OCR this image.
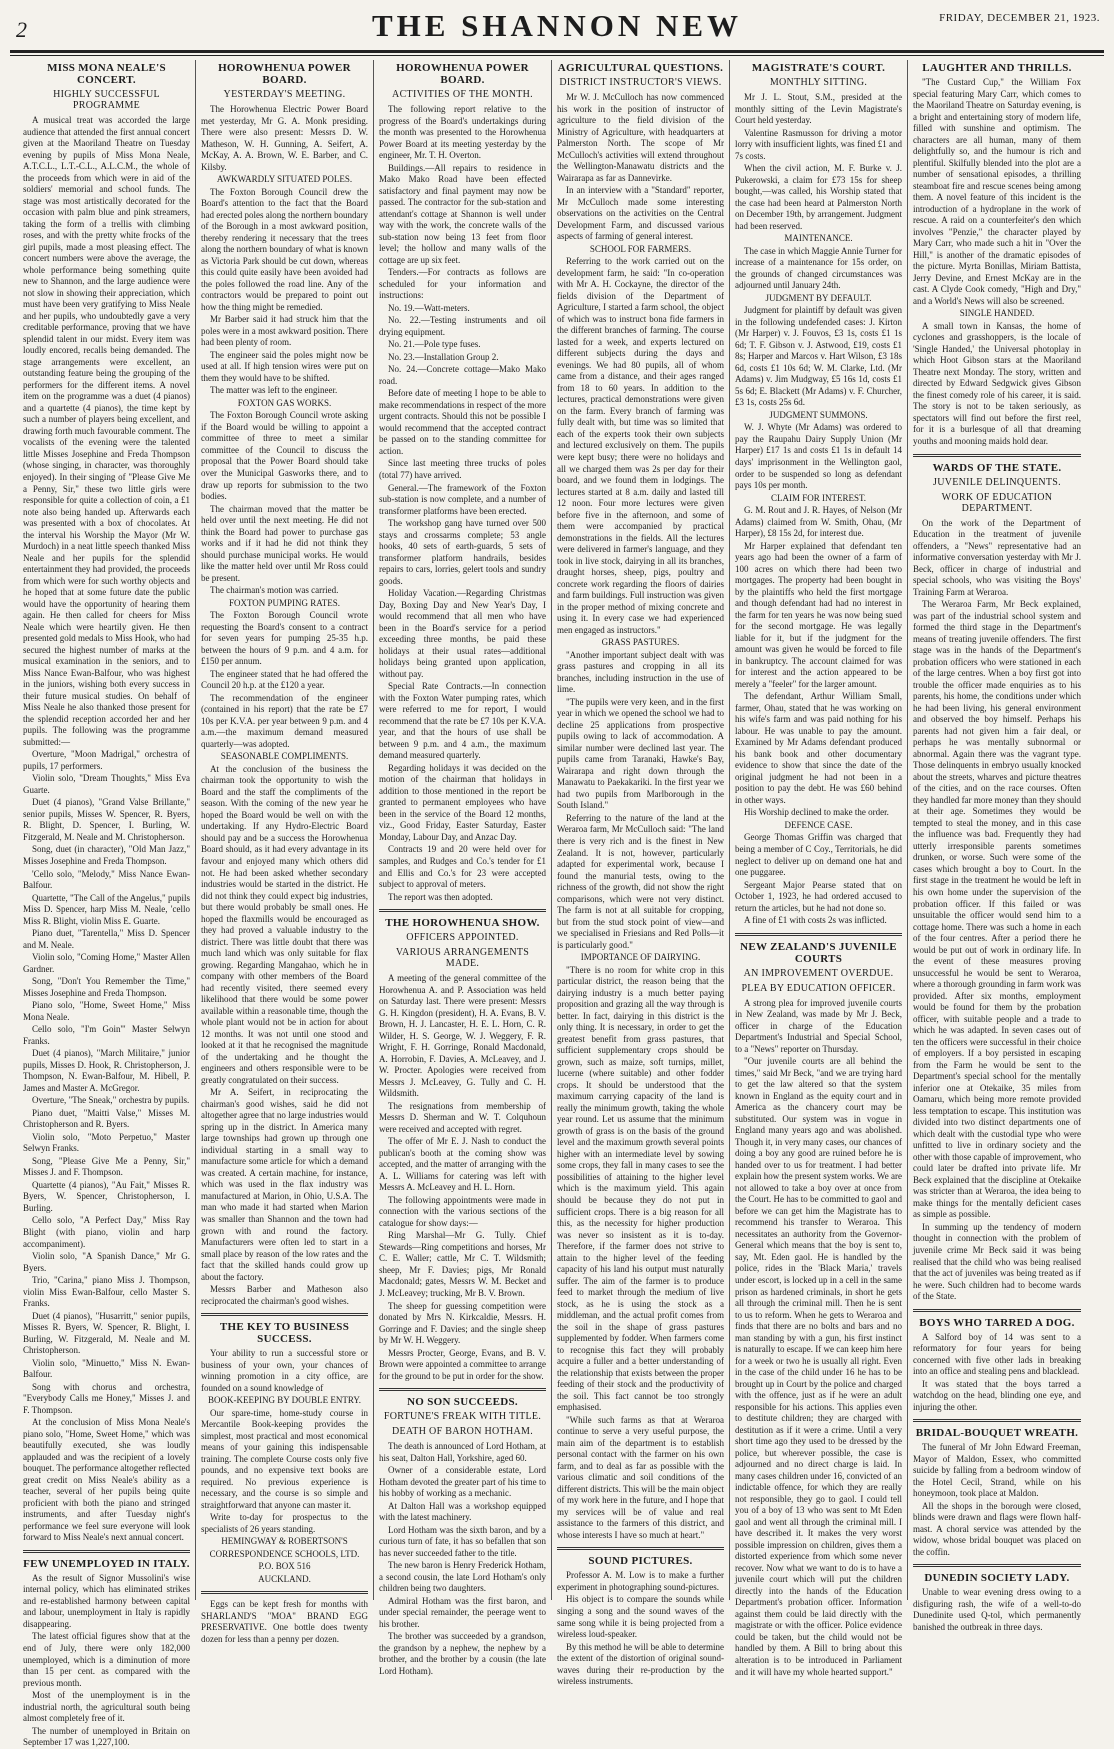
2	THE SHANNON NEW	FRIDAY, DECEMBER 21, 1923.
MISS MONA NEALE'S CONCERT.
HIGHLY SUCCESSFUL PROGRAMME

A musical treat was accorded the large audience that attended the first annual concert given at the Maoriland Theatre on Tuesday evening by pupils of Miss Mona Neale, A.T.C.L., L.T.-C.L., A.L.C.M., the whole of the proceeds from which were in aid of the soldiers' memorial and school funds. The stage was most artistically decorated for the occasion with palm blue and pink streamers, taking the form of a trellis with climbing roses, and with the pretty white frocks of the girl pupils, made a most pleasing effect. The concert numbers were above the average, the whole performance being something quite new to Shannon, and the large audience were not slow in showing their appreciation, which must have been very gratifying to Miss Neale and her pupils, who undoubtedly gave a very creditable performance, proving that we have splendid talent in our midst. Every item was loudly encored, recalls being demanded. The stage arrangements were excellent, an outstanding feature being the grouping of the performers for the different items. A novel item on the programme was a duet (4 pianos) and a quartette (4 pianos), the time kept by such a number of players being excellent, and drawing forth much favourable comment. The vocalists of the evening were the talented little Misses Josephine and Freda Thompson (whose singing, in character, was thoroughly enjoyed). In their singing of "Please Give Me a Penny, Sir," these two little girls were responsible for quite a collection of coin, a £1 note also being handed up. Afterwards each was presented with a box of chocolates. At the interval his Worship the Mayor (Mr W. Murdoch) in a neat little speech thanked Miss Neale and her pupils for the splendid entertainment they had provided, the proceeds from which were for such worthy objects and he hoped that at some future date the public would have the opportunity of hearing them again. He then called for cheers for Miss Neale which were heartily given. He then presented gold medals to Miss Hook, who had secured the highest number of marks at the musical examination in the seniors, and to Miss Nance Ewan-Balfour, who was highest in the juniors, wishing both every success in their future musical studies. On behalf of Miss Neale he also thanked those present for the splendid reception accorded her and her pupils. The following was the programme submitted:—

Overture, "Moon Madrigal," orchestra of pupils, 17 performers.

Violin solo, "Dream Thoughts," Miss Eva Guarte.

Duet (4 pianos), "Grand Valse Brillante," senior pupils, Misses W. Spencer, R. Byers, R. Blight, D. Spencer, I. Burling, W. Fitzgerald, M. Neale and M. Christopherson.

Song, duet (in character), "Old Man Jazz," Misses Josephine and Freda Thompson.

'Cello solo, "Melody," Miss Nance Ewan-Balfour.

Quartette, "The Call of the Angelus," pupils Miss D. Spencer, harp Miss M. Neale, 'cello Miss R. Blight, violin Miss E. Guarte.

Piano duet, "Tarentella," Miss D. Spencer and M. Neale.

Violin solo, "Coming Home," Master Allen Gardner.

Song, "Don't You Remember the Time," Misses Josephine and Freda Thompson.

Piano solo, "Home, Sweet Home," Miss Mona Neale.

Cello solo, "I'm Goin'" Master Selwyn Franks.

Duet (4 pianos), "March Militaire," junior pupils, Misses D. Hook, R. Christopherson, J. Thompson, N. Ewan-Balfour, M. Hibell, P. James and Master A. McGregor.

Overture, "The Sneak," orchestra by pupils.

Piano duet, "Maitti Valse," Misses M. Christopherson and R. Byers.

Violin solo, "Moto Perpetuo," Master Selwyn Franks.

Song, "Please Give Me a Penny, Sir," Misses J. and F. Thompson.

Quartette (4 pianos), "Au Fait," Misses R. Byers, W. Spencer, Christopherson, I. Burling.

Cello solo, "A Perfect Day," Miss Ray Blight (with piano, violin and harp accompaniment).

Violin solo, "A Spanish Dance," Mr G. Byers.

Trio, "Carina," piano Miss J. Thompson, violin Miss Ewan-Balfour, cello Master S. Franks.

Duet (4 pianos), "Husarritt," senior pupils, Misses R. Byers, W. Spencer, R. Blight, I. Burling, W. Fitzgerald, M. Neale and M. Christopherson.

Violin solo, "Minuetto," Miss N. Ewan-Balfour.

Song with chorus and orchestra, "Everybody Calls me Honey," Misses J. and F. Thompson.

At the conclusion of Miss Mona Neale's piano solo, "Home, Sweet Home," which was beautifully executed, she was loudly applauded and was the recipient of a lovely bouquet. The performance altogether reflected great credit on Miss Neale's ability as a teacher, several of her pupils being quite proficient with both the piano and stringed instruments, and after Tuesday night's performance we feel sure everyone will look forward to Miss Neale's next annual concert.

FEW UNEMPLOYED IN ITALY.

As the result of Signor Mussolini's wise internal policy, which has eliminated strikes and re-established harmony between capital and labour, unemployment in Italy is rapidly disappearing.

The latest official figures show that at the end of July, there were only 182,000 unemployed, which is a diminution of more than 15 per cent. as compared with the previous month.

Most of the unemployment is in the industrial north, the agricultural south being almost completely free of it.

The number of unemployed in Britain on September 17 was 1,227,100.

HOROWHENUA POWER BOARD.
YESTERDAY'S MEETING.

The Horowhenua Electric Power Board met yesterday, Mr G. A. Monk presiding. There were also present: Messrs D. W. Matheson, W. H. Gunning, A. Seifert, A. McKay, A. A. Brown, W. E. Barber, and C. Kilsby.

AWKWARDLY SITUATED POLES.

The Foxton Borough Council drew the Board's attention to the fact that the Board had erected poles along the northern boundary of the Borough in a most awkward position, thereby rendering it necessary that the trees along the northern boundary of what is known as Victoria Park should be cut down, whereas this could quite easily have been avoided had the poles followed the road line. Any of the contractors would be prepared to point out how the thing might be remedied.

Mr Barber said it had struck him that the poles were in a most awkward position. There had been plenty of room.

The engineer said the poles might now be used at all. If high tension wires were put on them they would have to be shifted.

The matter was left to the engineer.

FOXTON GAS WORKS.

The Foxton Borough Council wrote asking if the Board would be willing to appoint a committee of three to meet a similar committee of the Council to discuss the proposal that the Power Board should take over the Municipal Gasworks there, and to draw up reports for submission to the two bodies.

The chairman moved that the matter be held over until the next meeting. He did not think the Board had power to purchase gas works and if it had he did not think they should purchase municipal works. He would like the matter held over until Mr Ross could be present.

The chairman's motion was carried.

FOXTON PUMPING RATES.

The Foxton Borough Council wrote requesting the Board's consent to a contract for seven years for pumping 25-35 h.p. between the hours of 9 p.m. and 4 a.m. for £150 per annum.

The engineer stated that he had offered the Council 20 h.p. at the £120 a year.

The recommendation of the engineer (contained in his report) that the rate be £7 10s per K.V.A. per year between 9 p.m. and 4 a.m.—the maximum demand measured quarterly—was adopted.

SEASONABLE COMPLIMENTS.

At the conclusion of the business the chairman took the opportunity to wish the Board and the staff the compliments of the season. With the coming of the new year he hoped the Board would be well on with the undertaking. If any Hydro-Electric Board should pay and be a success the Horowhenua Board should, as it had every advantage in its favour and enjoyed many which others did not. He had been asked whether secondary industries would be started in the district. He did not think they could expect big industries, but there would probably be small ones. He hoped the flaxmills would be encouraged as they had proved a valuable industry to the district. There was little doubt that there was much land which was only suitable for flax growing. Regarding Mangahao, which he in company with other members of the Board had recently visited, there seemed every likelihood that there would be some power available within a reasonable time, though the whole plant would not be in action for about 12 months. It was not until one stood and looked at it that he recognised the magnitude of the undertaking and he thought the engineers and others responsible were to be greatly congratulated on their success.

Mr A. Seifert, in reciprocating the chairman's good wishes, said he did not altogether agree that no large industries would spring up in the district. In America many large townships had grown up through one individual starting in a small way to manufacture some article for which a demand was created. A certain machine, for instance, which was used in the flax industry was manufactured at Marion, in Ohio, U.S.A. The man who made it had started when Marion was smaller than Shannon and the town had grown with and round the factory. Manufacturers were often led to start in a small place by reason of the low rates and the fact that the skilled hands could grow up about the factory.

Messrs Barber and Matheson also reciprocated the chairman's good wishes.

THE KEY TO BUSINESS SUCCESS.

Your ability to run a successful store or business of your own, your chances of winning promotion in a city office, are founded on a sound knowledge of

BOOK-KEEPING BY DOUBLE ENTRY.

Our spare-time, home-study course in Mercantile Book-keeping provides the simplest, most practical and most economical means of your gaining this indispensable training. The complete Course costs only five pounds, and no expensive text books are required. No previous experience is necessary, and the course is so simple and straightforward that anyone can master it.

Write to-day for prospectus to the specialists of 26 years standing.

HEMINGWAY & ROBERTSON'S

CORRESPONDENCE SCHOOLS, LTD.

P.O. BOX 516

AUCKLAND.

Eggs can be kept fresh for months with SHARLAND'S "MOA" BRAND EGG PRESERVATIVE. One bottle does twenty dozen for less than a penny per dozen.

HOROWHENUA POWER BOARD.
ACTIVITIES OF THE MONTH.

The following report relative to the progress of the Board's undertakings during the month was presented to the Horowhenua Power Board at its meeting yesterday by the engineer, Mr. T. H. Overton.

Buildings.—All repairs to residence in Mako Mako Road have been effected satisfactory and final payment may now be passed. The contractor for the sub-station and attendant's cottage at Shannon is well under way with the work, the concrete walls of the sub-station now being 13 feet from floor level; the hollow and many walls of the cottage are up six feet.

Tenders.—For contracts as follows are scheduled for your information and instructions:

No. 19.—Watt-meters.

No. 22.—Testing instruments and oil drying equipment.

No. 21.—Pole type fuses.

No. 23.—Installation Group 2.

No. 24.—Concrete cottage—Mako Mako road.

Before date of meeting I hope to be able to make recommendations in respect of the more urgent contracts. Should this not be possible I would recommend that the accepted contract be passed on to the standing committee for action.

Since last meeting three trucks of poles (total 77) have arrived.

General.—The framework of the Foxton sub-station is now complete, and a number of transformer platforms have been erected.

The workshop gang have turned over 500 stays and crossarms complete; 53 angle hooks, 40 sets of earth-guards, 5 sets of transformer platform handrails, besides repairs to cars, lorries, gelert tools and sundry goods.

Holiday Vacation.—Regarding Christmas Day, Boxing Day and New Year's Day, I would recommend that all men who have been in the Board's service for a period exceeding three months, be paid these holidays at their usual rates—additional holidays being granted upon application, without pay.

Special Rate Contracts.—In connection with the Foxton Water pumping rates, which were referred to me for report, I would recommend that the rate be £7 10s per K.V.A. year, and that the hours of use shall be between 9 p.m. and 4 a.m., the maximum demand measured quarterly.

Regarding holidays it was decided on the motion of the chairman that holidays in addition to those mentioned in the report be granted to permanent employees who have been in the service of the Board 12 months, viz., Good Friday, Easter Saturday, Easter Monday, Labour Day, and Anzac Day.

Contracts 19 and 20 were held over for samples, and Rudges and Co.'s tender for £1 and Ellis and Co.'s for 23 were accepted subject to approval of meters.

The report was then adopted.

THE HOROWHENUA SHOW.
OFFICERS APPOINTED.
VARIOUS ARRANGEMENTS MADE.

A meeting of the general committee of the Horowhenua A. and P. Association was held on Saturday last. There were present: Messrs G. H. Kingdon (president), H. A. Evans, B. V. Brown, H. J. Lancaster, H. E. L. Horn, C. R. Wilder, H. S. George, W. J. Weggery, F. R. Wright, F. H. Gorringe, Ronald Macdonald, A. Horrobin, F. Davies, A. McLeavey, and J. W. Procter. Apologies were received from Messrs J. McLeavey, G. Tully and C. H. Wildsmith.

The resignations from membership of Messrs D. Sherman and W. T. Colquhoun were received and accepted with regret.

The offer of Mr E. J. Nash to conduct the publican's booth at the coming show was accepted, and the matter of arranging with the A. L. Williams for catering was left with Messrs A. McLeavey and H. L. Horn.

The following appointments were made in connection with the various sections of the catalogue for show days:—

Ring Marshal—Mr G. Tully. Chief Stewards—Ring competitions and horses, Mr C. E. Waller; cattle, Mr C. T. Wildsmith; sheep, Mr F. Davies; pigs, Mr Ronald Macdonald; gates, Messrs W. M. Becket and J. McLeavey; trucking, Mr B. V. Brown.

The sheep for guessing competition were donated by Mrs N. Kirkcaldie, Messrs. H. Gorringe and F. Davies; and the single sheep by Mr W. H. Weggery.

Messrs Procter, George, Evans, and B. V. Brown were appointed a committee to arrange for the ground to be put in order for the show.

NO SON SUCCEEDS.
FORTUNE'S FREAK WITH TITLE.
DEATH OF BARON HOTHAM.

The death is announced of Lord Hotham, at his seat, Dalton Hall, Yorkshire, aged 60.

Owner of a considerable estate, Lord Hotham devoted the greater part of his time to his hobby of working as a mechanic.

At Dalton Hall was a workshop equipped with the latest machinery.

Lord Hotham was the sixth baron, and by a curious turn of fate, it has so befallen that son has never succeeded father to the title.

The new baron is Henry Frederick Hotham, a second cousin, the late Lord Hotham's only children being two daughters.

Admiral Hotham was the first baron, and under special remainder, the peerage went to his brother.

The brother was succeeded by a grandson, the grandson by a nephew, the nephew by a brother, and the brother by a cousin (the late Lord Hotham).

AGRICULTURAL QUESTIONS.
DISTRICT INSTRUCTOR'S VIEWS.

Mr W. J. McCulloch has now commenced his work in the position of instructor of agriculture to the field division of the Ministry of Agriculture, with headquarters at Palmerston North. The scope of Mr McCulloch's activities will extend throughout the Wellington-Manawatu districts and the Wairarapa as far as Dannevirke.

In an interview with a "Standard" reporter, Mr McCulloch made some interesting observations on the activities on the Central Development Farm, and discussed various aspects of farming of general interest.

SCHOOL FOR FARMERS.

Referring to the work carried out on the development farm, he said: "In co-operation with Mr A. H. Cockayne, the director of the fields division of the Department of Agriculture, I started a farm school, the object of which was to instruct bona fide farmers in the different branches of farming. The course lasted for a week, and experts lectured on different subjects during the days and evenings. We had 80 pupils, all of whom came from a distance, and their ages ranged from 18 to 60 years. In addition to the lectures, practical demonstrations were given on the farm. Every branch of farming was fully dealt with, but time was so limited that each of the experts took their own subjects and lectured exclusively on them. The pupils were kept busy; there were no holidays and all we charged them was 2s per day for their board, and we found them in lodgings. The lectures started at 8 a.m. daily and lasted till 12 noon. Four more lectures were given before five in the afternoon, and some of them were accompanied by practical demonstrations in the fields. All the lectures were delivered in farmer's language, and they took in live stock, dairying in all its branches, draught horses, sheep, pigs, poultry and concrete work regarding the floors of dairies and farm buildings. Full instruction was given in the proper method of mixing concrete and using it. In every case we had experienced men engaged as instructors."

GRASS PASTURES.

"Another important subject dealt with was grass pastures and cropping in all its branches, including instruction in the use of lime.

"The pupils were very keen, and in the first year in which we opened the school we had to decline 25 applications from prospective pupils owing to lack of accommodation. A similar number were declined last year. The pupils came from Taranaki, Hawke's Bay, Wairarapa and right down through the Manawatu to Paekakariki. In the first year we had two pupils from Marlborough in the South Island."

Referring to the nature of the land at the Weraroa farm, Mr McCulloch said: "The land there is very rich and is the finest in New Zealand. It is not, however, particularly adapted for experimental work, because I found the manurial tests, owing to the richness of the growth, did not show the right comparisons, which were not very distinct. The farm is not at all suitable for cropping, but from the stud stock point of view—and we specialised in Friesians and Red Polls—it is particularly good."

IMPORTANCE OF DAIRYING.

"There is no room for white crop in this particular district, the reason being that the dairying industry is a much better paying proposition and grazing all the way through is better. In fact, dairying in this district is the only thing. It is necessary, in order to get the greatest benefit from grass pastures, that sufficient supplementary crops should be grown, such as maize, soft turnips, millet, lucerne (where suitable) and other fodder crops. It should be understood that the maximum carrying capacity of the land is really the minimum growth, taking the whole year round. Let us assume that the minimum growth of grass is on the basis of the ground level and the maximum growth several points higher with an intermediate level by sowing some crops, they fall in many cases to see the possibilities of attaining to the higher level which is the maximum yield. This again should be because they do not put in sufficient crops. There is a big reason for all this, as the necessity for higher production was never so insistent as it is to-day. Therefore, if the farmer does not strive to attain to the higher level of the feeding capacity of his land his output must naturally suffer. The aim of the farmer is to produce feed to market through the medium of live stock, as he is using the stock as a middleman, and the actual profit comes from the soil in the shape of grass pastures supplemented by fodder. When farmers come to recognise this fact they will probably acquire a fuller and a better understanding of the relationship that exists between the proper feeding of their stock and the productivity of the soil. This fact cannot be too strongly emphasised.

"While such farms as that at Weraroa continue to serve a very useful purpose, the main aim of the department is to establish personal contact with the farmer on his own farm, and to deal as far as possible with the various climatic and soil conditions of the different districts. This will be the main object of my work here in the future, and I hope that my services will be of value and real assistance to the farmers of this district, and whose interests I have so much at heart."

SOUND PICTURES.

Professor A. M. Low is to make a further experiment in photographing sound-pictures.

His object is to compare the sounds while singing a song and the sound waves of the same song while it is being projected from a wireless loud-speaker.

By this method he will be able to determine the extent of the distortion of original sound-waves during their re-production by the wireless instruments.

MAGISTRATE'S COURT.
MONTHLY SITTING.

Mr J. L. Stout, S.M., presided at the monthly sitting of the Levin Magistrate's Court held yesterday.

Valentine Rasmusson for driving a motor lorry with insufficient lights, was fined £1 and 7s costs.

When the civil action, M. F. Burke v. J. Pukerowski, a claim for £73 15s for sheep bought,—was called, his Worship stated that the case had been heard at Palmerston North on December 19th, by arrangement. Judgment had been reserved.

MAINTENANCE.

The case in which Maggie Annie Turner for increase of a maintenance for 15s order, on the grounds of changed circumstances was adjourned until January 24th.

JUDGMENT BY DEFAULT.

Judgment for plaintiff by default was given in the following undefended cases: J. Kirton (Mr Harper) v. J. Fouvos, £3 1s, costs £1 1s 6d; T. F. Gibson v. J. Astwood, £19, costs £1 8s; Harper and Marcos v. Hart Wilson, £3 18s 6d, costs £1 10s 6d; W. M. Clarke, Ltd. (Mr Adams) v. Jim Mudgway, £5 16s 1d, costs £1 5s 6d; E. Blackett (Mr Adams) v. F. Churcher, £3 1s, costs 25s 6d.

JUDGMENT SUMMONS.

W. J. Whyte (Mr Adams) was ordered to pay the Raupahu Dairy Supply Union (Mr Harper) £17 1s and costs £1 1s in default 14 days' imprisonment in the Wellington gaol, order to be suspended so long as defendant pays 10s per month.

CLAIM FOR INTEREST.

G. M. Rout and J. R. Hayes, of Nelson (Mr Adams) claimed from W. Smith, Ohau, (Mr Harper), £8 15s 2d, for interest due.

Mr Harper explained that defendant ten years ago had been the owner of a farm of 100 acres on which there had been two mortgages. The property had been bought in by the plaintiffs who held the first mortgage and though defendant had had no interest in the farm for ten years he was now being sued for the second mortgage. He was legally liable for it, but if the judgment for the amount was given he would be forced to file in bankruptcy. The account claimed for was for interest and the action appeared to be merely a "feeler" for the larger amount.

The defendant, Arthur William Small, farmer, Ohau, stated that he was working on his wife's farm and was paid nothing for his labour. He was unable to pay the amount. Examined by Mr Adams defendant produced his bank book and other documentary evidence to show that since the date of the original judgment he had not been in a position to pay the debt. He was £60 behind in other ways.

His Worship declined to make the order.

DEFENCE CASE.

George Thomas Griffin was charged that being a member of C Coy., Territorials, he did neglect to deliver up on demand one hat and one puggaree.

Sergeant Major Pearse stated that on October 1, 1923, he had ordered accused to return the articles, but he had not done so.

A fine of £1 with costs 2s was inflicted.

NEW ZEALAND'S JUVENILE COURTS
AN IMPROVEMENT OVERDUE.
PLEA BY EDUCATION OFFICER.

A strong plea for improved juvenile courts in New Zealand, was made by Mr J. Beck, officer in charge of the Education Department's Industrial and Special School, to a "News" reporter on Thursday.

"Our juvenile courts are all behind the times," said Mr Beck, "and we are trying hard to get the law altered so that the system known in England as the equity court and in America as the chancery court may be substituted. Our system was in vogue in England many years ago and was abolished. Though it, in very many cases, our chances of doing a boy any good are ruined before he is handed over to us for treatment. I had better explain how the present system works. We are not allowed to take a boy over at once from the Court. He has to be committed to gaol and before we can get him the Magistrate has to recommend his transfer to Weraroa. This necessitates an authority from the Governor-General which means that the boy is sent to, say, Mt. Eden gaol. He is handled by the police, rides in the 'Black Maria,' travels under escort, is locked up in a cell in the same prison as hardened criminals, in short he gets all through the criminal mill. Then he is sent to us to reform. When he gets to Weraroa and finds that there are no bolts and bars and no man standing by with a gun, his first instinct is naturally to escape. If we can keep him here for a week or two he is usually all right. Even in the case of the child under 16 he has to be brought up in Court by the police and charged with the offence, just as if he were an adult responsible for his actions. This applies even to destitute children; they are charged with destitution as if it were a crime. Until a very short time ago they used to be dressed by the police, but wherever possible, the case is adjourned and no direct charge is laid. In many cases children under 16, convicted of an indictable offence, for which they are really not responsible, they go to gaol. I could tell you of a boy of 13 who was sent to Mt Eden gaol and went all through the criminal mill. I have described it. It makes the very worst possible impression on children, gives them a distorted experience from which some never recover. Now what we want to do is to have a juvenile court which will put the children directly into the hands of the Education Department's probation officer. Information against them could be laid directly with the magistrate or with the officer. Police evidence could be taken, but the child would not be handled by them. A Bill to bring about this alteration is to be introduced in Parliament and it will have my whole hearted support."

LAUGHTER AND THRILLS.

"The Custard Cup," the William Fox special featuring Mary Carr, which comes to the Maoriland Theatre on Saturday evening, is a bright and entertaining story of modern life, filled with sunshine and optimism. The characters are all human, many of them delightfully so, and the humour is rich and plentiful. Skilfully blended into the plot are a number of sensational episodes, a thrilling steamboat fire and rescue scenes being among them. A novel feature of this incident is the introduction of a hydroplane in the work of rescue. A raid on a counterfeiter's den which involves "Penzie," the character played by Mary Carr, who made such a hit in "Over the Hill," is another of the dramatic episodes of the picture. Myrta Bonillas, Miriam Battista, Jerry Devine, and Ernest McKay are in the cast. A Clyde Cook comedy, "High and Dry," and a World's News will also be screened.

SINGLE HANDED.

A small town in Kansas, the home of cyclones and grasshoppers, is the locale of 'Single Handed,' the Universal photoplay in which Hoot Gibson stars at the Maoriland Theatre next Monday. The story, written and directed by Edward Sedgwick gives Gibson the finest comedy role of his career, it is said. The story is not to be taken seriously, as spectators will find out before the first reel, for it is a burlesque of all that dreaming youths and mooning maids hold dear.

WARDS OF THE STATE.
JUVENILE DELINQUENTS.
WORK OF EDUCATION DEPARTMENT.

On the work of the Department of Education in the treatment of juvenile offenders, a "News" representative had an informative conversation yesterday with Mr J. Beck, officer in charge of industrial and special schools, who was visiting the Boys' Training Farm at Weraroa.

The Weraroa Farm, Mr Beck explained, was part of the industrial school system and formed the third stage in the Department's means of treating juvenile offenders. The first stage was in the hands of the Department's probation officers who were stationed in each of the large centres. When a boy first got into trouble the officer made enquiries as to his parents, his home, the conditions under which he had been living, his general environment and observed the boy himself. Perhaps his parents had not given him a fair deal, or perhaps he was mentally subnormal or abnormal. Again there was the vagrant type. Those delinquents in embryo usually knocked about the streets, wharves and picture theatres of the cities, and on the race courses. Often they handled far more money than they should at their age. Sometimes they would be tempted to steal the money, and in this case the influence was bad. Frequently they had utterly irresponsible parents sometimes drunken, or worse. Such were some of the cases which brought a boy to Court. In the first stage in the treatment he would be left in his own home under the supervision of the probation officer. If this failed or was unsuitable the officer would send him to a cottage home. There was such a home in each of the four centres. After a period there he would be put out of work in ordinary life. In the event of these measures proving unsuccessful he would be sent to Weraroa, where a thorough grounding in farm work was provided. After six months, employment would be found for them by the probation officer, with suitable people and a trade to which he was adapted. In seven cases out of ten the officers were successful in their choice of employers. If a boy persisted in escaping from the Farm he would be sent to the Department's special school for the mentally inferior one at Otekaike, 35 miles from Oamaru, which being more remote provided less temptation to escape. This institution was divided into two distinct departments one of which dealt with the custodial type who were unfitted to live in ordinary society and the other with those capable of improvement, who could later be drafted into private life. Mr Beck explained that the discipline at Otekaike was stricter than at Weraroa, the idea being to make things for the mentally deficient cases as simple as possible.

In summing up the tendency of modern thought in connection with the problem of juvenile crime Mr Beck said it was being realised that the child who was being realised that the act of juveniles was being treated as if he were. Such children had to become wards of the State.

BOYS WHO TARRED A DOG.

A Salford boy of 14 was sent to a reformatory for four years for being concerned with five other lads in breaking into an office and stealing pens and blacklead.

It was stated that the boys tarred a watchdog on the head, blinding one eye, and injuring the other.

BRIDAL-BOUQUET WREATH.

The funeral of Mr John Edward Freeman, Mayor of Maldon, Essex, who committed suicide by falling from a bedroom window of the Hotel Cecil, Strand, while on his honeymoon, took place at Maldon.

All the shops in the borough were closed, blinds were drawn and flags were flown half-mast. A choral service was attended by the widow, whose bridal bouquet was placed on the coffin.

DUNEDIN SOCIETY LADY.

Unable to wear evening dress owing to a disfiguring rash, the wife of a well-to-do Dunedinite used Q-tol, which permanently banished the outbreak in three days.
